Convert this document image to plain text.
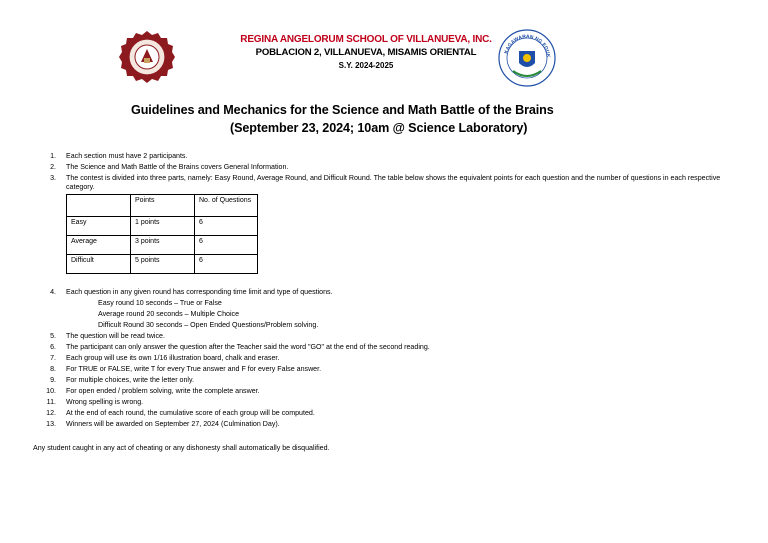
KAGAWARAN NG EDUK
REGINA ANGELORUM SCHOOL OF VILLANUEVA, INC.
POBLACION 2, VILLANUEVA, MISAMIS ORIENTAL
S.Y. 2024-2025
Guidelines and Mechanics for the Science and Math Battle of the Brains
(September 23, 2024; 10am @ Science Laboratory)
1. Each section must have 2 participants.
2. The Science and Math Battle of the Brains covers General Information.
3. The contest is divided into three parts, namely: Easy Round, Average Round, and Difficult Round. The table below shows the equivalent points for each question and the number of questions in each respective category.
	Points	No. of Questions
Easy	1 points	6
Average	3 points	6
Difficult	5 points	6
4. Each question in any given round has corresponding time limit and type of questions.
Easy round 10 seconds – True or False
Average round 20 seconds – Multiple Choice
Difficult Round 30 seconds – Open Ended Questions/Problem solving.
5. The question will be read twice.
6. The participant can only answer the question after the Teacher said the word "GO" at the end of the second reading.
7. Each group will use its own 1/16 illustration board, chalk and eraser.
8. For TRUE or FALSE, write T for every True answer and F for every False answer.
9. For multiple choices, write the letter only.
10. For open ended / problem solving, write the complete answer.
11. Wrong spelling is wrong.
12. At the end of each round, the cumulative score of each group will be computed.
13. Winners will be awarded on September 27, 2024 (Culmination Day).
Any student caught in any act of cheating or any dishonesty shall automatically be disqualified.
